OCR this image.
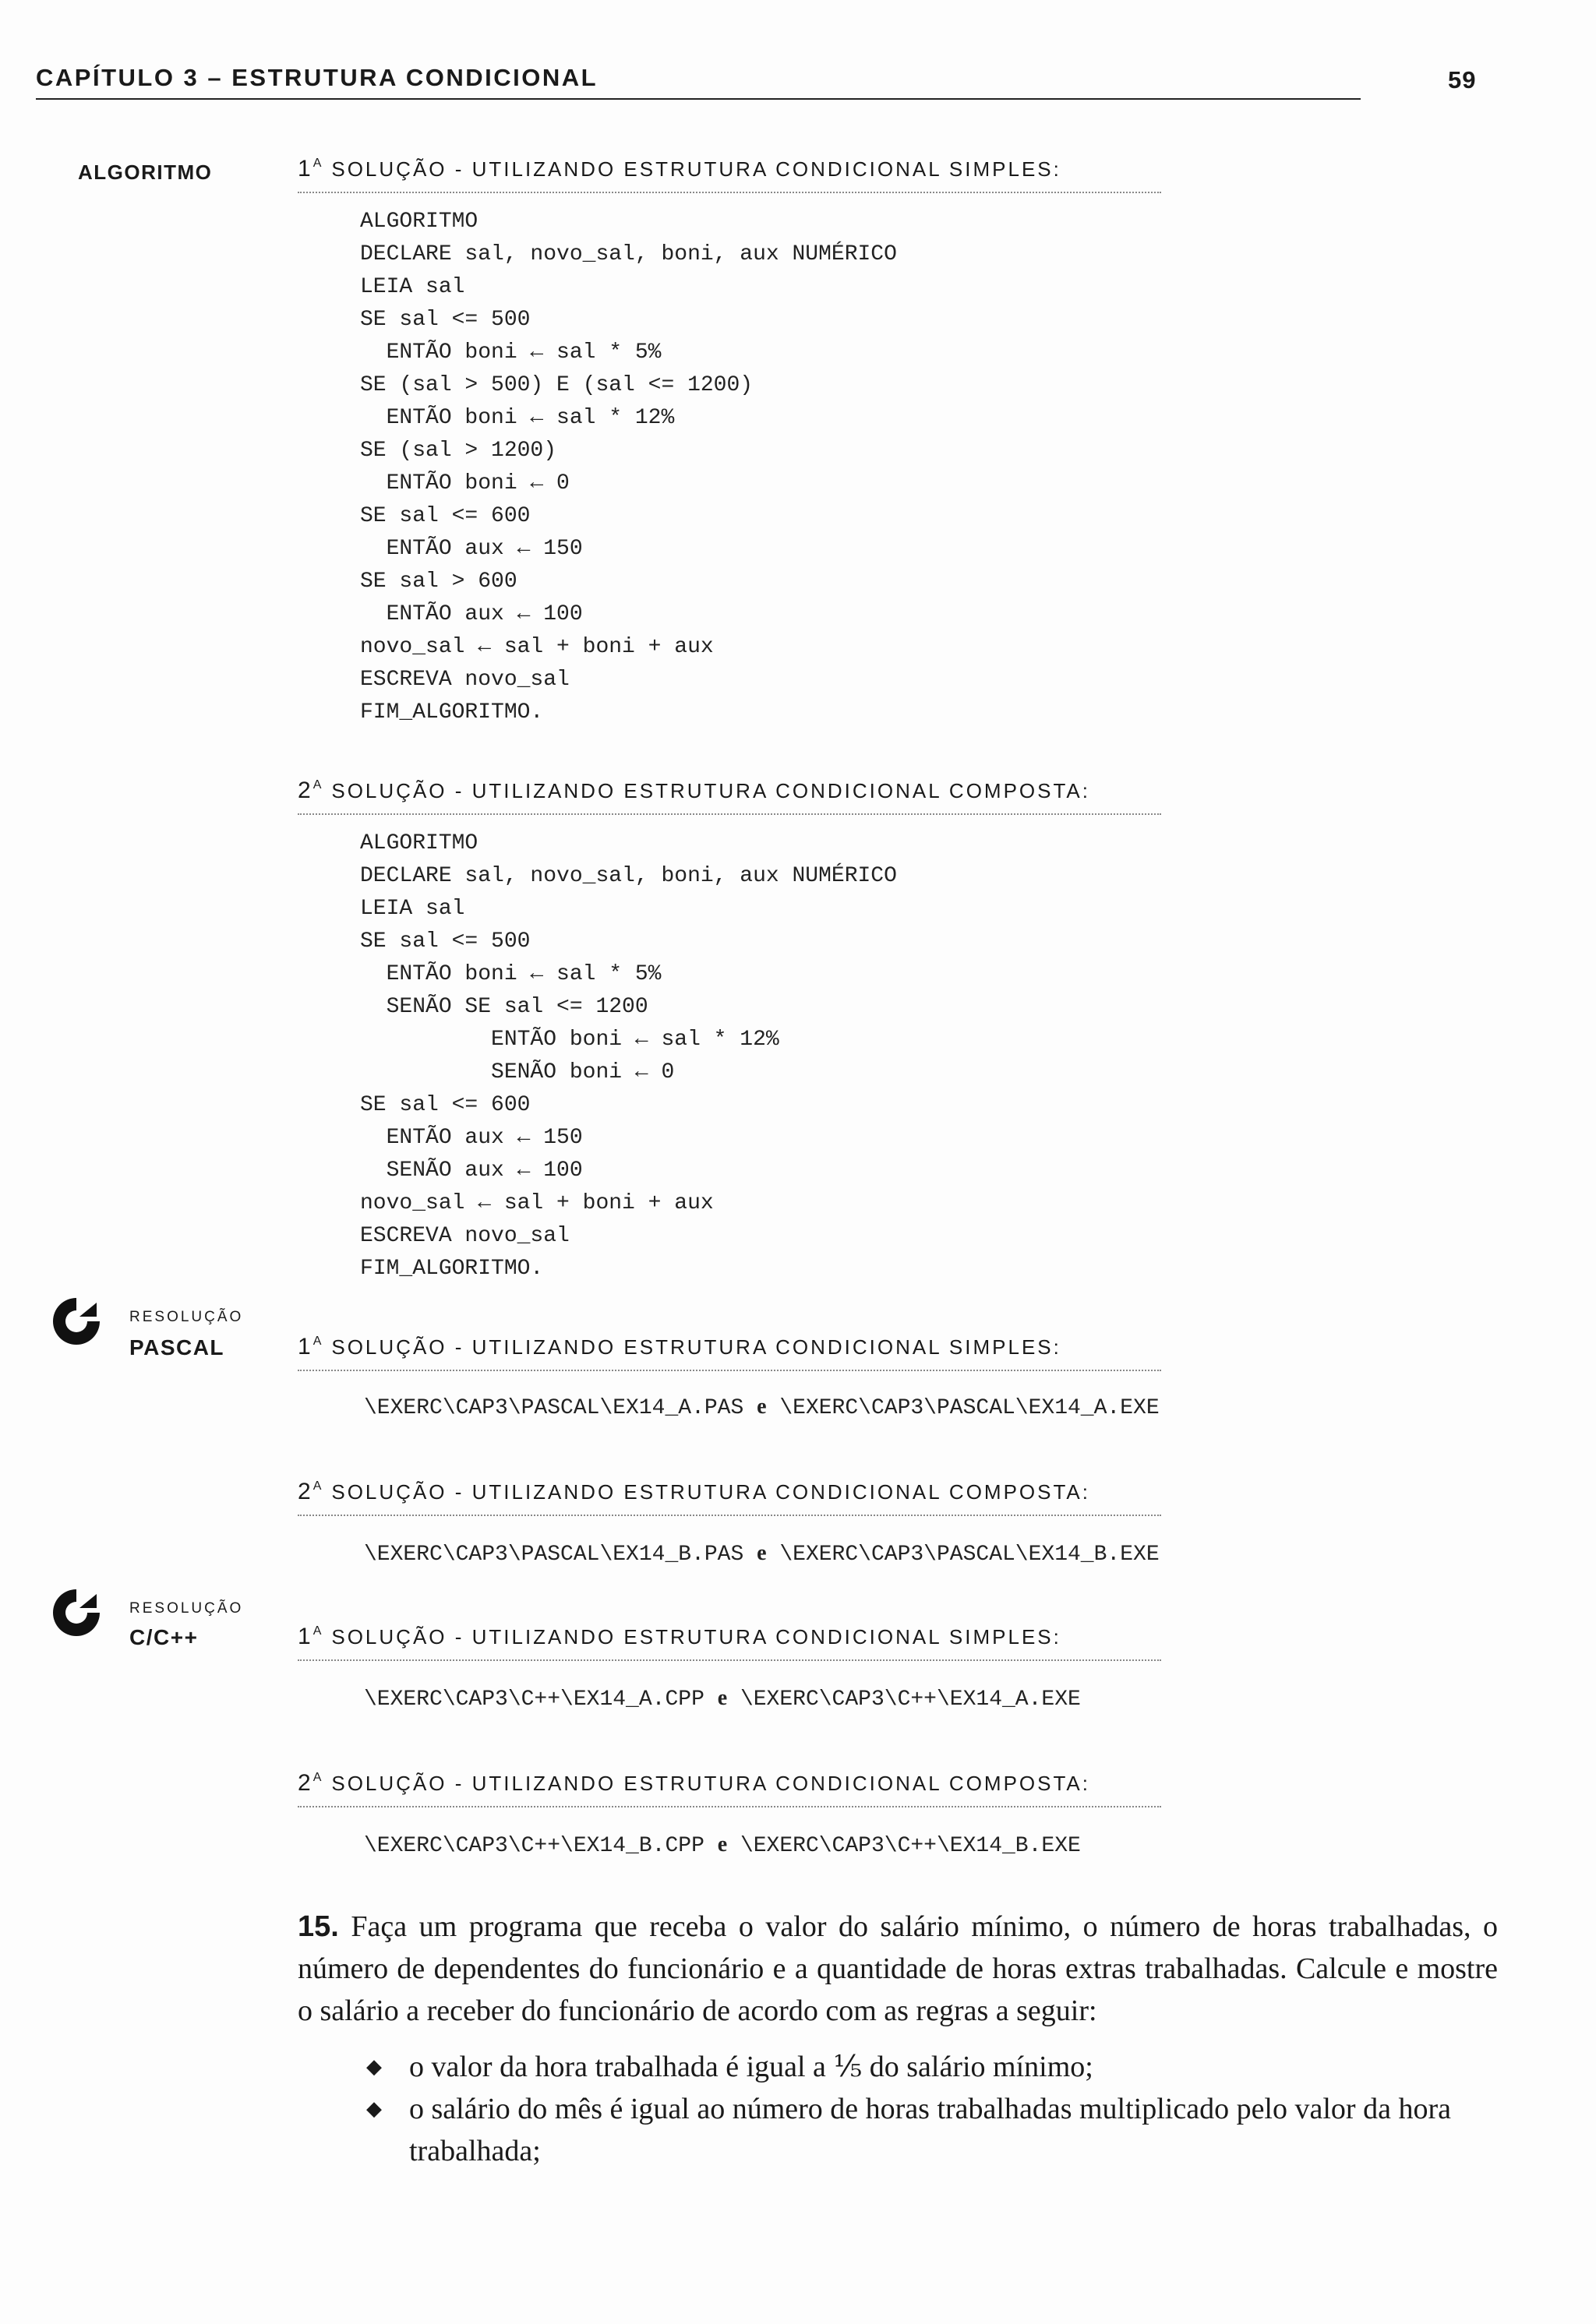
CAPÍTULO 3 – ESTRUTURA CONDICIONAL	59
ALGORITMO	$1^A$ SOLUÇÃO - UTILIZANDO ESTRUTURA CONDICIONAL SIMPLES:
ALGORITMO
DECLARE sal, novo_sal, boni, aux NUMÉRICO
LEIA sal
SE sal <= 500
ENTÃO boni ← sal * 5%
SE (sal > 500) E (sal <= 1200)
ENTÃO boni ← sal * 12%
SE (sal > 1200)
ENTÃO boni ← 0
SE sal <= 600
ENTÃO aux ← 150
SE sal > 600
ENTÃO aux ← 100
novo_sal ← sal + boni + aux
ESCREVA novo_sal
FIM_ALGORITMO.
$2^A$ SOLUÇÃO - UTILIZANDO ESTRUTURA CONDICIONAL COMPOSTA:
ALGORITMO
DECLARE sal, novo_sal, boni, aux NUMÉRICO
LEIA sal
SE sal <= 500
ENTÃO boni ← sal * 5%
SENÃO SE sal <= 1200
ENTÃO boni ← sal * 12%
SENÃO boni ← 0
SE sal <= 600
ENTÃO aux ← 150
SENÃO aux ← 100
novo_sal ← sal + boni + aux
ESCREVA novo_sal
FIM_ALGORITMO.
RESOLUÇÃO
PASCAL	$1^A$ SOLUÇÃO - UTILIZANDO ESTRUTURA CONDICIONAL SIMPLES:
\EXERC\CAP3\PASCAL\EX14_A.PAS e \EXERC\CAP3\PASCAL\EX14_A.EXE
$2^A$ SOLUÇÃO - UTILIZANDO ESTRUTURA CONDICIONAL COMPOSTA:
\EXERC\CAP3\PASCAL\EX14_B.PAS e \EXERC\CAP3\PASCAL\EX14_B.EXE
RESOLUÇÃO
C/C++	$1^A$ SOLUÇÃO - UTILIZANDO ESTRUTURA CONDICIONAL SIMPLES:
\EXERC\CAP3\C++\EX14_A.CPP e \EXERC\CAP3\C++\EX14_A.EXE
$2^A$ SOLUÇÃO - UTILIZANDO ESTRUTURA CONDICIONAL COMPOSTA:
\EXERC\CAP3\C++\EX14_B.CPP e \EXERC\CAP3\C++\EX14_B.EXE
15. Faça um programa que receba o valor do salário mínimo, o número de horas trabalhadas, o número de dependentes do funcionário e a quantidade de horas extras trabalhadas. Calcule e mostre o salário a receber do funcionário de acordo com as regras a seguir:
◆ o valor da hora trabalhada é igual a ⅕ do salário mínimo;
◆ o salário do mês é igual ao número de horas trabalhadas multiplicado pelo valor da hora trabalhada;
